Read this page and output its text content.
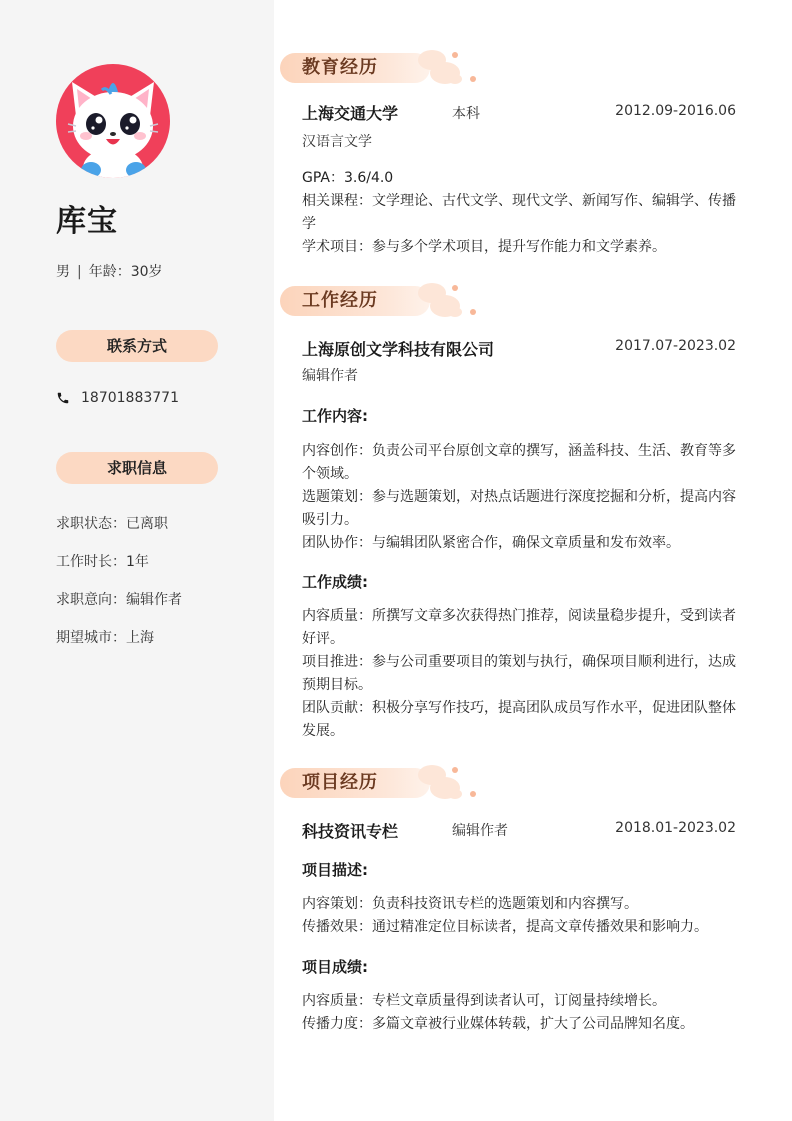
库宝
男 | 年龄：30岁
联系方式
18701883771
求职信息
求职状态：已离职
工作时长：1年
求职意向：编辑作者
期望城市：上海
教育经历
上海交通大学	本科	2012.09-2016.06
汉语言文学
GPA：3.6/4.0
相关课程：文学理论、古代文学、现代文学、新闻写作、编辑学、传播学
学术项目：参与多个学术项目，提升写作能力和文学素养。
工作经历
上海原创文学科技有限公司	2017.07-2023.02
编辑作者
工作内容:
内容创作：负责公司平台原创文章的撰写，涵盖科技、生活、教育等多个领域。
选题策划：参与选题策划，对热点话题进行深度挖掘和分析，提高内容吸引力。
团队协作：与编辑团队紧密合作，确保文章质量和发布效率。
工作成绩:
内容质量：所撰写文章多次获得热门推荐，阅读量稳步提升，受到读者好评。
项目推进：参与公司重要项目的策划与执行，确保项目顺利进行，达成预期目标。
团队贡献：积极分享写作技巧，提高团队成员写作水平，促进团队整体发展。
项目经历
科技资讯专栏	编辑作者	2018.01-2023.02
项目描述:
内容策划：负责科技资讯专栏的选题策划和内容撰写。
传播效果：通过精准定位目标读者，提高文章传播效果和影响力。
项目成绩:
内容质量：专栏文章质量得到读者认可，订阅量持续增长。
传播力度：多篇文章被行业媒体转载，扩大了公司品牌知名度。
